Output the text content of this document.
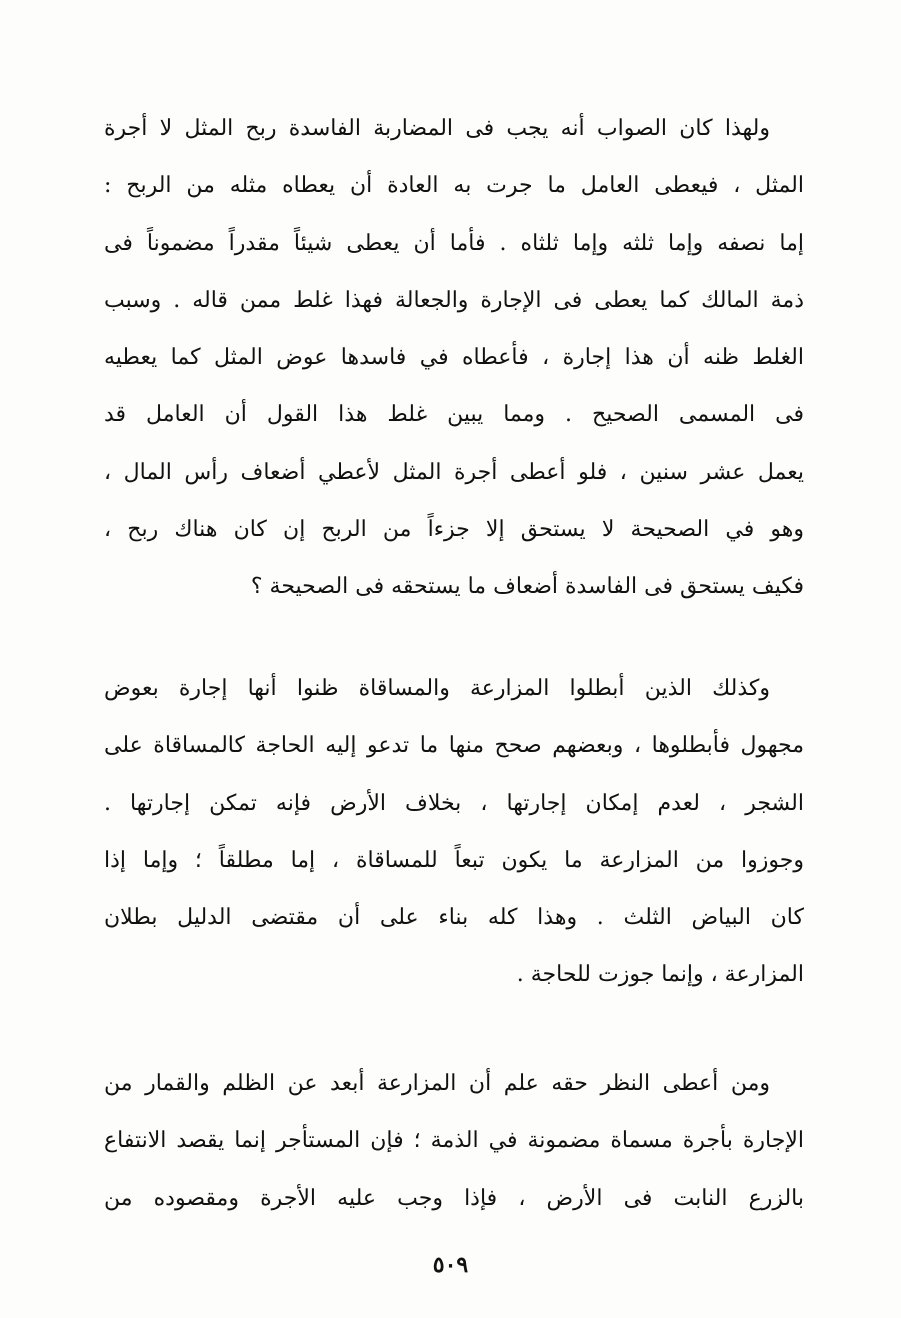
ولهذا كان الصواب أنه يجب فى المضاربة الفاسدة ربح المثل لا أجرة
المثل ، فيعطى العامل ما جرت به العادة أن يعطاه مثله من الربح :
إما نصفه وإما ثلثه وإما ثلثاه . فأما أن يعطى شيئاً مقدراً مضموناً فى
ذمة المالك كما يعطى فى الإجارة والجعالة فهذا غلط ممن قاله . وسبب
الغلط ظنه أن هذا إجارة ، فأعطاه في فاسدها عوض المثل كما يعطيه
فى المسمى الصحيح . ومما يبين غلط هذا القول أن العامل قد
يعمل عشر سنين ، فلو أعطى أجرة المثل لأعطي أضعاف رأس المال ،
وهو في الصحيحة لا يستحق إلا جزءاً من الربح إن كان هناك ربح ،
فكيف يستحق فى الفاسدة أضعاف ما يستحقه فى الصحيحة ؟
وكذلك الذين أبطلوا المزارعة والمساقاة ظنوا أنها إجارة بعوض
مجهول فأبطلوها ، وبعضهم صحح منها ما تدعو إليه الحاجة كالمساقاة على
الشجر ، لعدم إمكان إجارتها ، بخلاف الأرض فإنه تمكن إجارتها .
وجوزوا من المزارعة ما يكون تبعاً للمساقاة ، إما مطلقاً ؛ وإما إذا
كان البياض الثلث . وهذا كله بناء على أن مقتضى الدليل بطلان
المزارعة ، وإنما جوزت للحاجة .
ومن أعطى النظر حقه علم أن المزارعة أبعد عن الظلم والقمار من
الإجارة بأجرة مسماة مضمونة في الذمة ؛ فإن المستأجر إنما يقصد الانتفاع
بالزرع النابت فى الأرض ، فإذا وجب عليه الأجرة ومقصوده من
٥٠٩
